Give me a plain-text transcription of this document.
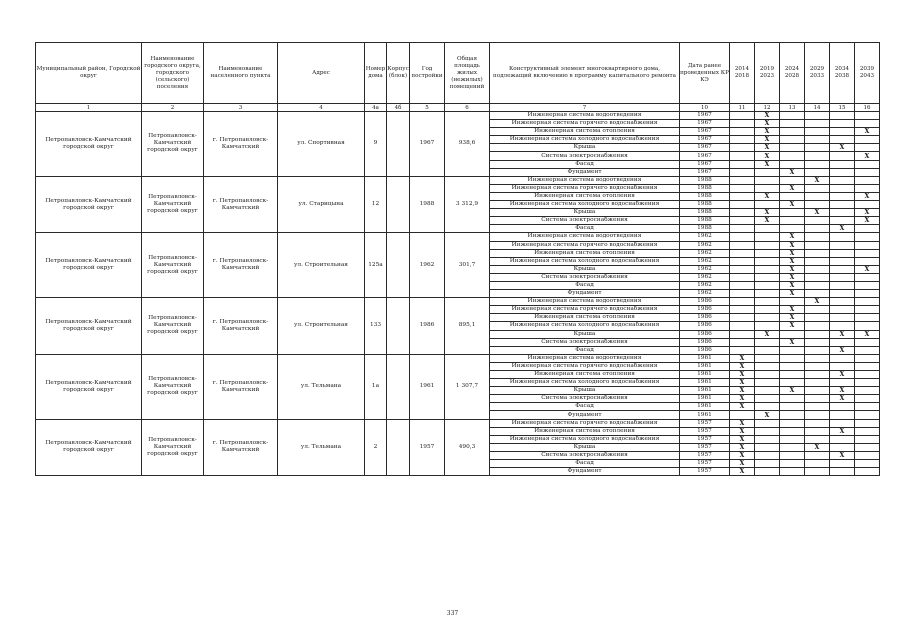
Муниципальный район, Городской округ	Наименование городского округа, городского (сельского) поселения	Наименование населенного пункта	Адрес	Номер дома	Корпус (блок)	Год постройки	Общая площадь жилых (нежилых) помещений	Конструктивный элемент многоквартирного дома, подлежащий включению в программу капитального ремонта	Дата ранее проведенных КР КЭ	2014 2018	2019 2023	2024 2028	2029 2033	2034 2038	2039 2043
1	2	3	4	4а	4б	5	6	7	10	11	12	13	14	15	16
Петропавловск-Камчатский городской округ	Петропавловск-Камчатский городской округ	г. Петропавловск-Камчатский	ул. Спортивная	9		1967	938,6	Инженерная система водоотведения	1967		X				
								Инженерная система горячего водоснабжения	1967		X				
								Инженерная система отопления	1967		X				X
								Инженерная система холодного водоснабжения	1967		X				
								Крыша	1967		X			X	
								Система электроснабжения	1967		X				X
								Фасад	1967		X				
								Фундамент	1967			X			
Петропавловск-Камчатский городской округ	Петропавловск-Камчатский городской округ	г. Петропавловск-Камчатский	ул. Старицына	12		1988	3 312,9	Инженерная система водоотведения	1988				X		
								Инженерная система горячего водоснабжения	1988			X			
								Инженерная система отопления	1988		X				X
								Инженерная система холодного водоснабжения	1988			X			
								Крыша	1988		X		X		X
								Система электроснабжения	1988		X				X
								Фасад	1988					X	
Петропавловск-Камчатский городской округ	Петропавловск-Камчатский городской округ	г. Петропавловск-Камчатский	ул. Строительная	125а		1962	301,7	Инженерная система водоотведения	1962			X			
								Инженерная система горячего водоснабжения	1962			X			
								Инженерная система отопления	1962			X			
								Инженерная система холодного водоснабжения	1962			X			
								Крыша	1962			X			X
								Система электроснабжения	1962			X			
								Фасад	1962			X			
								Фундамент	1962			X			
Петропавловск-Камчатский городской округ	Петропавловск-Камчатский городской округ	г. Петропавловск-Камчатский	ул. Строительная	133		1986	895,1	Инженерная система водоотведения	1986				X		
								Инженерная система горячего водоснабжения	1986			X			
								Инженерная система отопления	1986			X			
								Инженерная система холодного водоснабжения	1986			X			
								Крыша	1986		X			X	X
								Система электроснабжения	1986			X			
								Фасад	1986					X	
Петропавловск-Камчатский городской округ	Петропавловск-Камчатский городской округ	г. Петропавловск-Камчатский	ул. Тельмана	1а		1961	1 307,7	Инженерная система водоотведения	1961	X					
								Инженерная система горячего водоснабжения	1961	X					
								Инженерная система отопления	1961	X				X	
								Инженерная система холодного водоснабжения	1961	X					
								Крыша	1961	X		X		X	
								Система электроснабжения	1961	X				X	
								Фасад	1961	X					
								Фундамент	1961		X				
Петропавловск-Камчатский городской округ	Петропавловск-Камчатский городской округ	г. Петропавловск-Камчатский	ул. Тельмана	2		1957	490,3	Инженерная система горячего водоснабжения	1957	X					
								Инженерная система отопления	1957	X				X	
								Инженерная система холодного водоснабжения	1957	X					
								Крыша	1957	X			X		
								Система электроснабжения	1957	X				X	
								Фасад	1957	X					
								Фундамент	1957	X					
337
